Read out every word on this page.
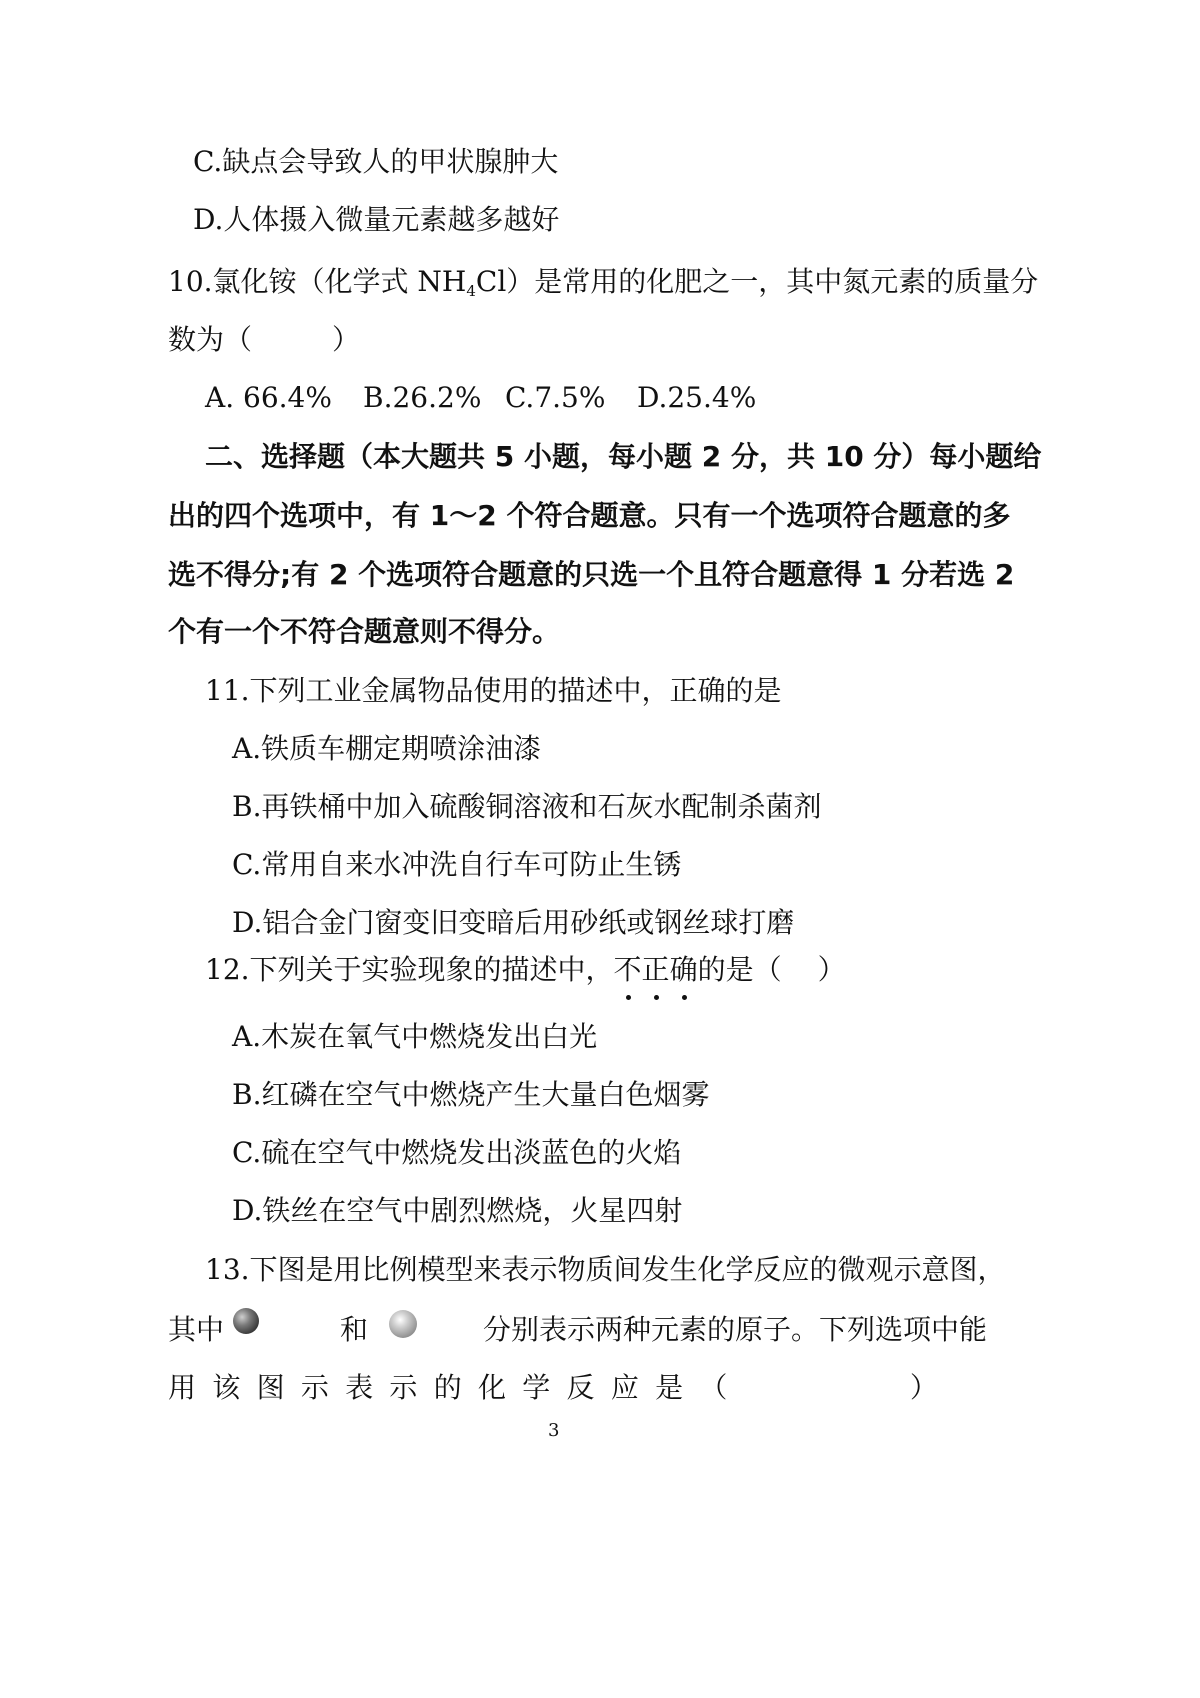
C.缺点会导致人的甲状腺肿大
D.人体摄入微量元素越多越好
10.氯化铵（化学式 $NH_4Cl$）是常用的化肥之一，其中氮元素的质量分
数为（	）
A. 66.4% B.26.2% C.7.5% D.25.4%
二、选择题（本大题共 5 小题，每小题 2 分，共 10 分）每小题给
出的四个选项中，有 1～2 个符合题意。只有一个选项符合题意的多
选不得分;有 2 个选项符合题意的只选一个且符合题意得 1 分若选 2
个有一个不符合题意则不得分。
11.下列工业金属物品使用的描述中，正确的是
A.铁质车棚定期喷涂油漆
B.再铁桶中加入硫酸铜溶液和石灰水配制杀菌剂
C.常用自来水冲洗自行车可防止生锈
D.铝合金门窗变旧变暗后用砂纸或钢丝球打磨
12.下列关于实验现象的描述中，不正确的是（ ）
A.木炭在氧气中燃烧发出白光
B.红磷在空气中燃烧产生大量白色烟雾
C.硫在空气中燃烧发出淡蓝色的火焰
D.铁丝在空气中剧烈燃烧，火星四射
13.下图是用比例模型来表示物质间发生化学反应的微观示意图，
其中	和	分别表示两种元素的原子。下列选项中能
用 该 图 示 表 示 的 化 学 反 应 是 （	）
3
